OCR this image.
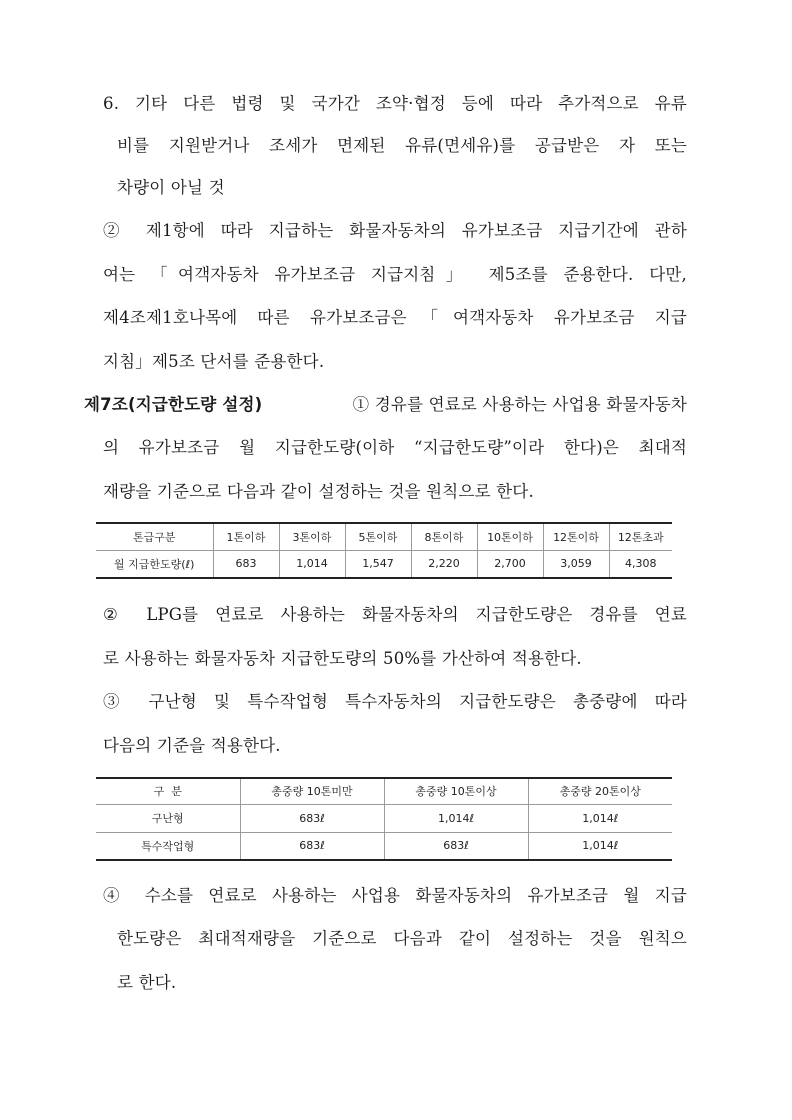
6. 기타 다른 법령 및 국가간 조약·협정 등에 따라 추가적으로 유류
비를 지원받거나 조세가 면제된 유류(면세유)를 공급받은 자 또는
차량이 아닐 것
② 제1항에 따라 지급하는 화물자동차의 유가보조금 지급기간에 관하
여는 「여객자동차 유가보조금 지급지침」 제5조를 준용한다. 다만,
제4조제1호나목에 따른 유가보조금은「여객자동차 유가보조금 지급
지침」제5조 단서를 준용한다.
제7조(지급한도량 설정)	① 경유를 연료로 사용하는 사업용 화물자동차
의 유가보조금 월 지급한도량(이하 “지급한도량”이라 한다)은 최대적
재량을 기준으로 다음과 같이 설정하는 것을 원칙으로 한다.
톤급구분	1톤이하	3톤이하	5톤이하	8톤이하	10톤이하	12톤이하	12톤초과
월 지급한도량(ℓ)	683	1,014	1,547	2,220	2,700	3,059	4,308
② LPG를 연료로 사용하는 화물자동차의 지급한도량은 경유를 연료
로 사용하는 화물자동차 지급한도량의 50%를 가산하여 적용한다.
③ 구난형 및 특수작업형 특수자동차의 지급한도량은 총중량에 따라
다음의 기준을 적용한다.
구  분	총중량 10톤미만	총중량 10톤이상	총중량 20톤이상
구난형	683ℓ	1,014ℓ	1,014ℓ
특수작업형	683ℓ	683ℓ	1,014ℓ
④ 수소를 연료로 사용하는 사업용 화물자동차의 유가보조금 월 지급
한도량은 최대적재량을 기준으로 다음과 같이 설정하는 것을 원칙으
로 한다.
